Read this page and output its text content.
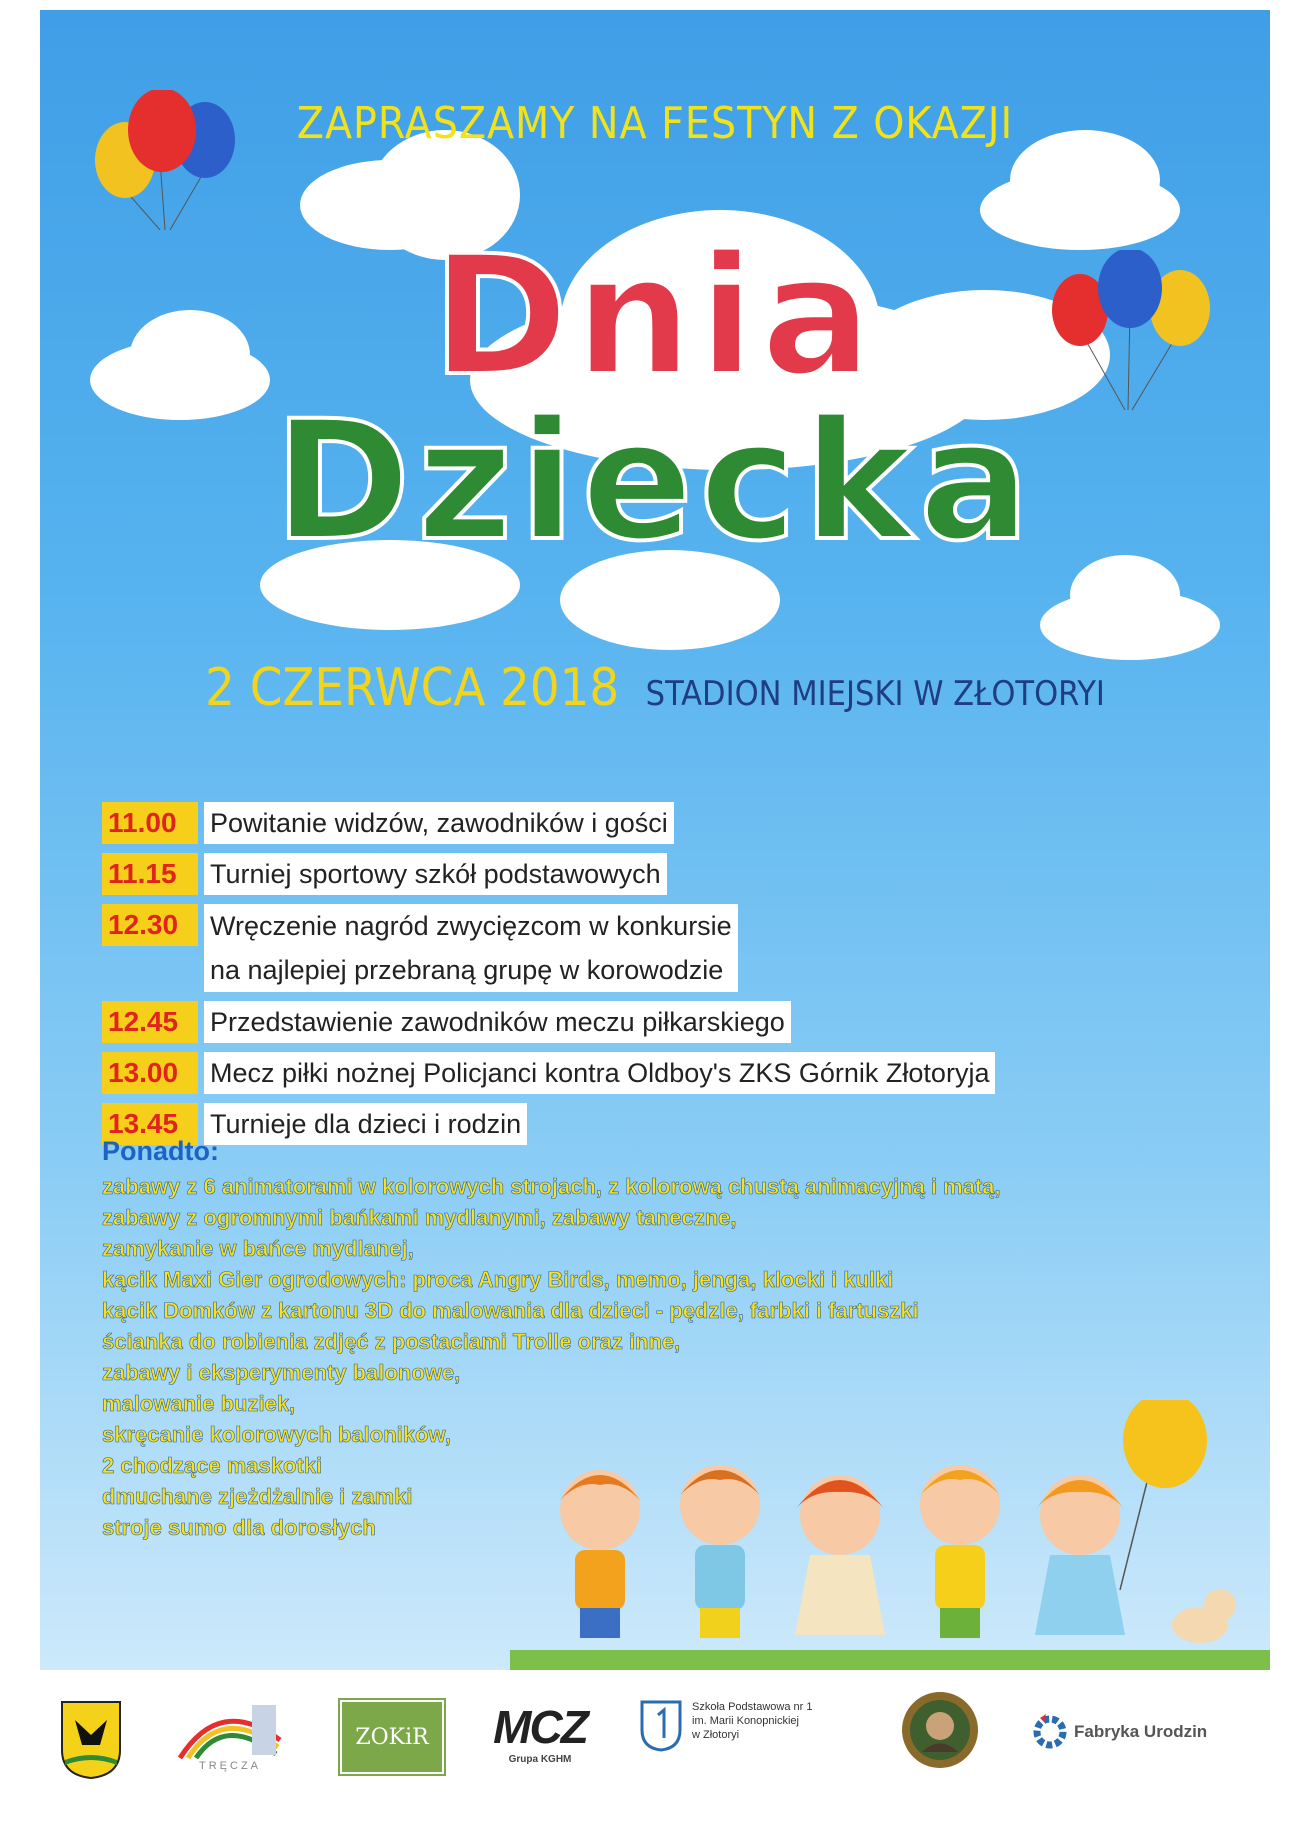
ZAPRASZAMY NA FESTYN Z OKAZJI
Dnia
Dziecka
2 CZERWCA 2018 STADION MIEJSKI W ZŁOTORYI
11.00	Powitanie widzów, zawodników i gości
11.15	Turniej sportowy szkół podstawowych
12.30	Wręczenie nagród zwycięzcom w konkursie
na najlepiej przebraną grupę w korowodzie
12.45	Przedstawienie zawodników meczu piłkarskiego
13.00	Mecz piłki nożnej Policjanci kontra Oldboy's ZKS Górnik Złotoryja
13.45	Turnieje dla dzieci i rodzin
Ponadto:
zabawy z 6 animatorami w kolorowych strojach, z kolorową chustą animacyjną i matą,
zabawy z ogromnymi bańkami mydlanymi, zabawy taneczne,
zamykanie w bańce mydlanej,
kącik Maxi Gier ogrodowych: proca Angry Birds, memo, jenga, klocki i kulki
kącik Domków z kartonu 3D do malowania dla dzieci - pędzle, farbki i fartuszki
ścianka do robienia zdjęć z postaciami Trolle oraz inne,
zabawy i eksperymenty balonowe,
malowanie buziek,
skręcanie kolorowych baloników,
2 chodzące maskotki
dmuchane zjeżdżalnie i zamki
stroje sumo dla dorosłych
TRĘCZA
ZOKiR MCZ
Grupa KGHM
Szkoła Podstawowa nr 1
im. Marii Konopnickiej
w Złotoryi	Fabryka Urodzin
